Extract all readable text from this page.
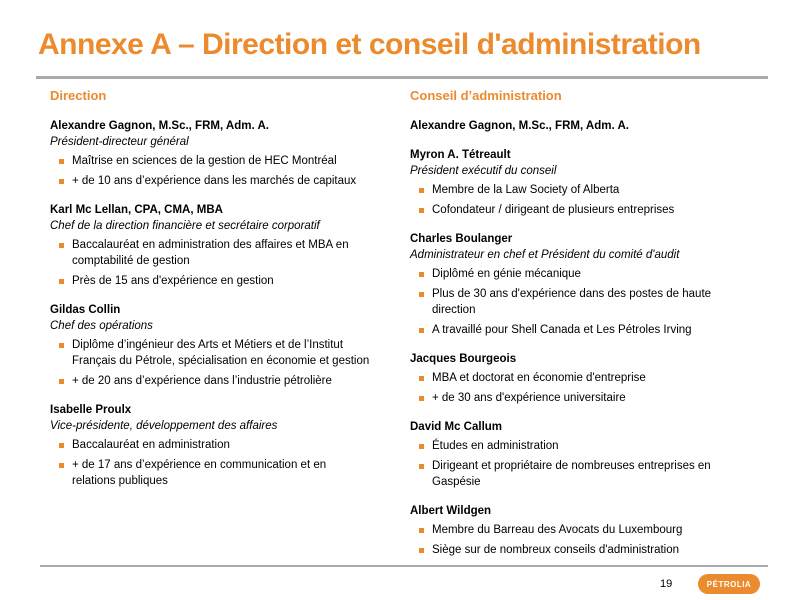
Annexe A – Direction et conseil d'administration
Direction
Alexandre Gagnon, M.Sc., FRM, Adm. A.
Président-directeur général
Maîtrise en sciences de la gestion de HEC Montréal
+ de 10 ans d’expérience dans les marchés de capitaux
Karl Mc Lellan, CPA, CMA, MBA
Chef de la direction financière et secrétaire corporatif
Baccalauréat en administration des affaires et MBA en comptabilité de gestion
Près de 15 ans d'expérience en gestion
Gildas Collin
Chef des opérations
Diplôme d’ingénieur des Arts et Métiers et de l’Institut Français du Pétrole, spécialisation en économie et gestion
+ de 20 ans d’expérience dans l’industrie pétrolière
Isabelle Proulx
Vice-présidente, développement des affaires
Baccalauréat en administration
+ de 17 ans d’expérience en communication et en relations publiques
Conseil d’administration
Alexandre Gagnon, M.Sc., FRM, Adm. A.
Myron A. Tétreault
Président exécutif du conseil
Membre de la Law Society of Alberta
Cofondateur / dirigeant de plusieurs entreprises
Charles Boulanger
Administrateur en chef et Président du comité d'audit
Diplômé en génie mécanique
Plus de 30 ans d'expérience dans des postes de haute direction
A travaillé pour Shell Canada et Les Pétroles Irving
Jacques Bourgeois
MBA et doctorat en économie d'entreprise
+ de 30 ans d'expérience universitaire
David Mc Callum
Études en administration
Dirigeant et propriétaire de nombreuses entreprises en Gaspésie
Albert Wildgen
Membre du Barreau des Avocats du Luxembourg
Siège sur de nombreux conseils d'administration
19	PÉTROLIA
